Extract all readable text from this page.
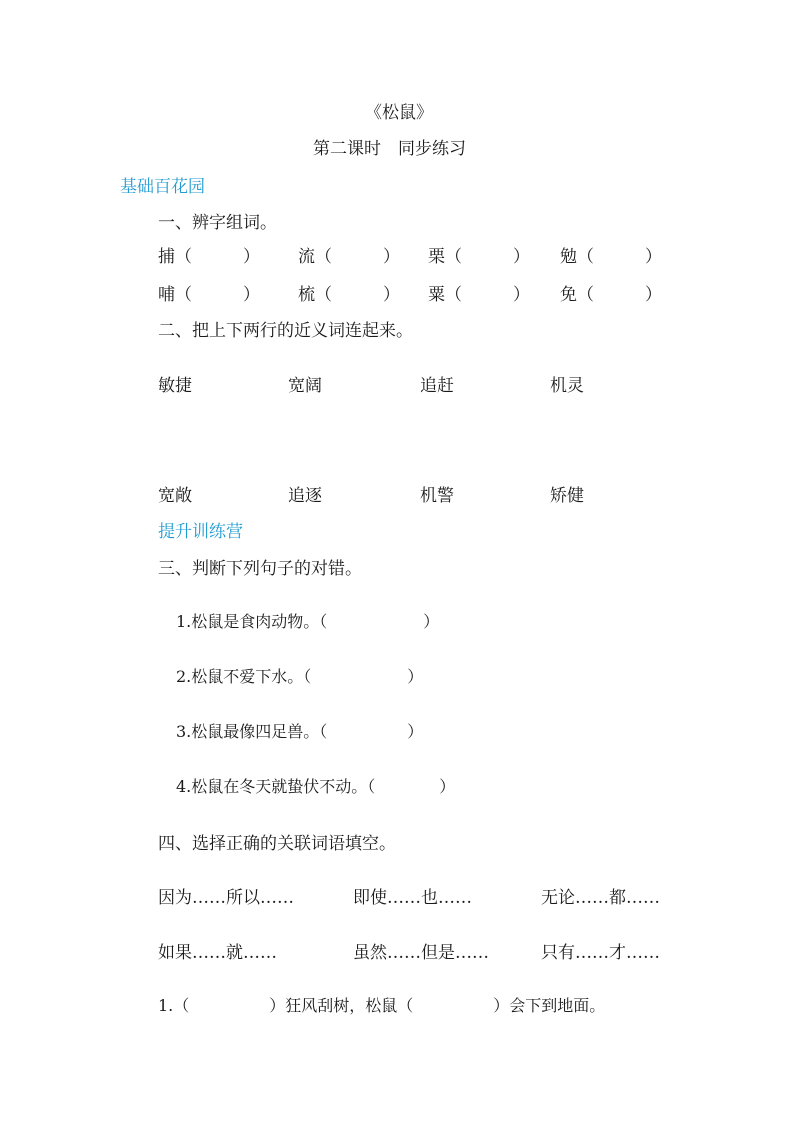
《松鼠》
第二课时　同步练习
基础百花园
一、辨字组词。
捕（　　　） 流（　　　） 栗（　　　） 勉（　　　）
哺（　　　） 梳（　　　） 粟（　　　） 免（　　　）
二、把上下两行的近义词连起来。
敏捷	宽阔	追赶	机灵
宽敞	追逐	机警	矫健
提升训练营
三、判断下列句子的对错。
1.松鼠是食肉动物。（　　　　　　）
2.松鼠不爱下水。（　　　　　　）
3.松鼠最像四足兽。（　　　　　）
4.松鼠在冬天就蛰伏不动。（　　　　）
四、选择正确的关联词语填空。
因为……所以……	即使……也……	无论……都……
如果……就……	虽然……但是……	只有……才……
1.（　　　　　）狂风刮树，松鼠（　　　　　）会下到地面。
